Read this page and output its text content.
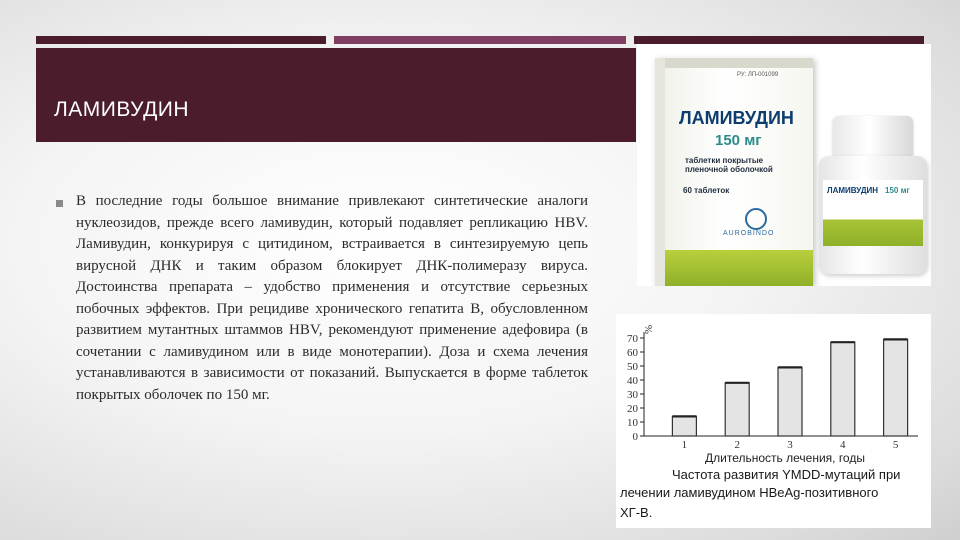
ЛАМИВУДИН
В последние годы большое внимание привлекают синтетические аналоги нуклеозидов, прежде всего ламивудин, который подавляет репликацию HBV. Ламивудин, конкурируя с цитидином, встраивается в синтезируемую цепь вирусной ДНК и таким образом блокирует ДНК-полимеразу вируса. Достоинства препарата – удобство применения и отсутствие серьезных побочных эффектов. При рецидиве хронического гепатита В, обусловленном развитием мутантных штаммов HBV, рекомендуют применение адефовира (в сочетании с ламивудином или в виде монотерапии). Доза и схема лечения устанавливаются в зависимости от показаний. Выпускается в форме таблеток покрытых оболочек по 150 мг.
РУ: ЛП-001099
ЛАМИВУДИН
150 мг
таблетки покрытые пленочной оболочкой
60 таблеток
AUROBINDO
ЛАМИВУДИН 150 мг
0
10
20
30
40
50
60
70
%
1	2	3	4	5
Длительность лечения, годы
Частота развития YMDD-мутаций при
лечении ламивудином HBeAg-позитивного
ХГ-В.
